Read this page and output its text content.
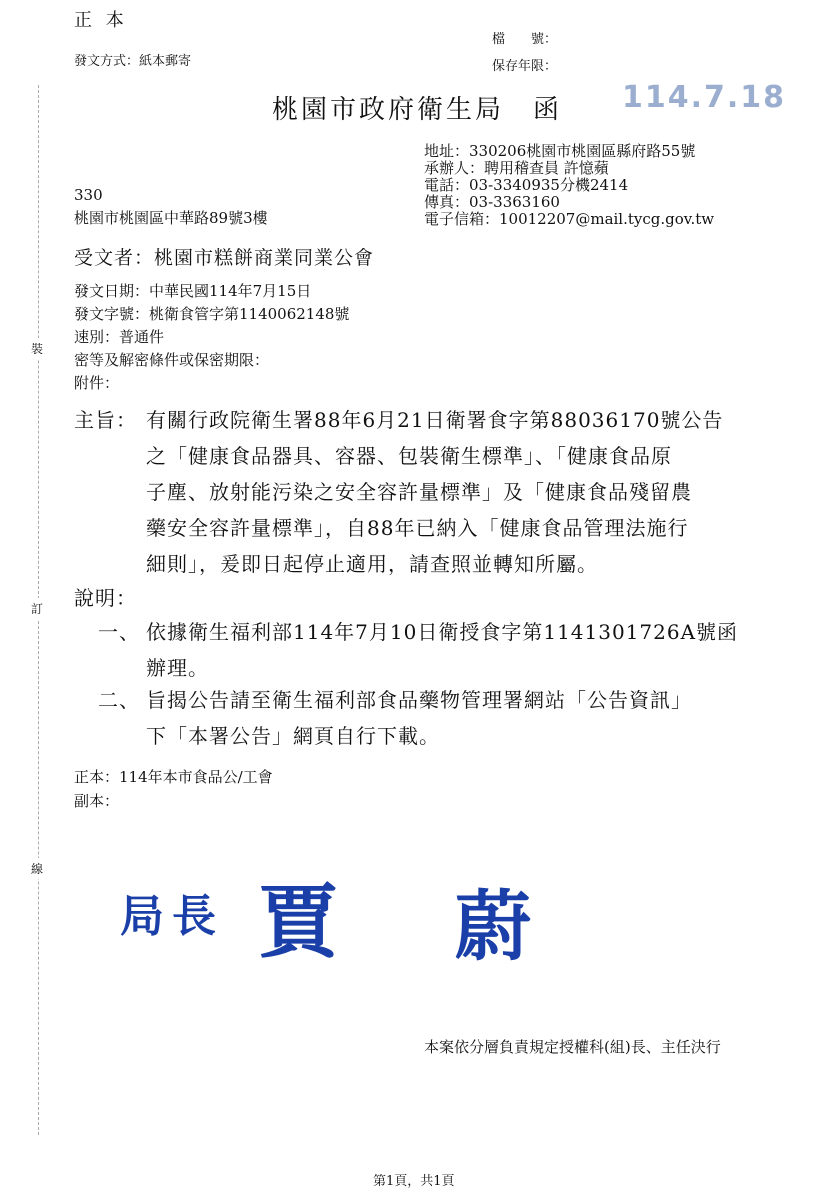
裝
訂
線
正 本
發文方式：紙本郵寄
檔　　號：
保存年限：
114.7.18
桃園市政府衛生局　函
地址：330206桃園市桃園區縣府路55號
承辦人：聘用稽查員 許憶蘋
電話：03-3340935分機2414
傳真：03-3363160
電子信箱：10012207@mail.tycg.gov.tw
330
桃園市桃園區中華路89號3樓
受文者：桃園市糕餅商業同業公會
發文日期：中華民國114年7月15日
發文字號：桃衛食管字第1140062148號
速別：普通件
密等及解密條件或保密期限：
附件：
主旨： 有關行政院衛生署88年6月21日衛署食字第88036170號公告
之「健康食品器具、容器、包裝衛生標準」、「健康食品原
子塵、放射能污染之安全容許量標準」及「健康食品殘留農
藥安全容許量標準」，自88年已納入「健康食品管理法施行
細則」，爰即日起停止適用，請查照並轉知所屬。
說明：
一、 依據衛生福利部114年7月10日衛授食字第1141301726A號函
辦理。
二、 旨揭公告請至衛生福利部食品藥物管理署網站「公告資訊」
下「本署公告」網頁自行下載。
正本：114年本市食品公/工會
副本：
局長 賈 蔚
本案依分層負責規定授權科(組)長、主任決行
第1頁，共1頁
